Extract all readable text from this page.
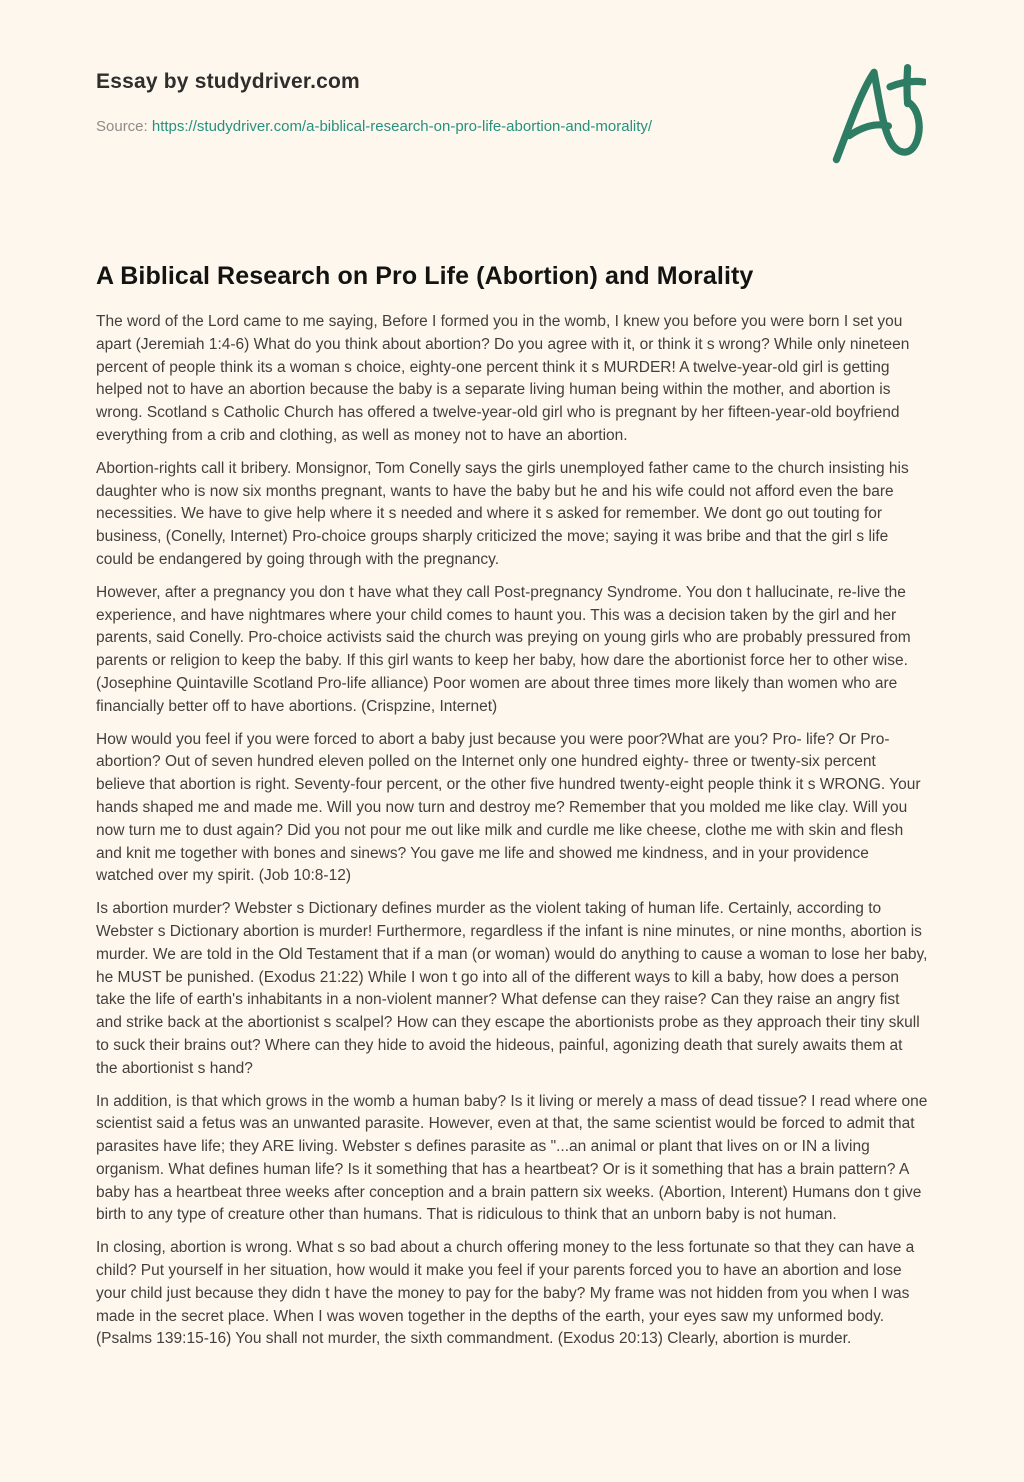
Essay by studydriver.com

Source: https://studydriver.com/a-biblical-research-on-pro-life-abortion-and-morality/

A Biblical Research on Pro Life (Abortion) and Morality

The word of the Lord came to me saying, Before I formed you in the womb, I knew you before you were born I set you apart (Jeremiah 1:4-6) What do you think about abortion? Do you agree with it, or think it s wrong? While only nineteen percent of people think its a woman s choice, eighty-one percent think it s MURDER! A twelve-year-old girl is getting helped not to have an abortion because the baby is a separate living human being within the mother, and abortion is wrong. Scotland s Catholic Church has offered a twelve-year-old girl who is pregnant by her fifteen-year-old boyfriend everything from a crib and clothing, as well as money not to have an abortion.

Abortion-rights call it bribery. Monsignor, Tom Conelly says the girls unemployed father came to the church insisting his daughter who is now six months pregnant, wants to have the baby but he and his wife could not afford even the bare necessities. We have to give help where it s needed and where it s asked for remember. We dont go out touting for business, (Conelly, Internet) Pro-choice groups sharply criticized the move; saying it was bribe and that the girl s life could be endangered by going through with the pregnancy.

However, after a pregnancy you don t have what they call Post-pregnancy Syndrome. You don t hallucinate, re-live the experience, and have nightmares where your child comes to haunt you. This was a decision taken by the girl and her parents, said Conelly. Pro-choice activists said the church was preying on young girls who are probably pressured from parents or religion to keep the baby. If this girl wants to keep her baby, how dare the abortionist force her to other wise. (Josephine Quintaville Scotland Pro-life alliance) Poor women are about three times more likely than women who are financially better off to have abortions. (Crispzine, Internet)

How would you feel if you were forced to abort a baby just because you were poor?What are you? Pro- life? Or Pro-abortion? Out of seven hundred eleven polled on the Internet only one hundred eighty- three or twenty-six percent believe that abortion is right. Seventy-four percent, or the other five hundred twenty-eight people think it s WRONG. Your hands shaped me and made me. Will you now turn and destroy me? Remember that you molded me like clay. Will you now turn me to dust again? Did you not pour me out like milk and curdle me like cheese, clothe me with skin and flesh and knit me together with bones and sinews? You gave me life and showed me kindness, and in your providence watched over my spirit. (Job 10:8-12)

Is abortion murder? Webster s Dictionary defines murder as the violent taking of human life. Certainly, according to Webster s Dictionary abortion is murder! Furthermore, regardless if the infant is nine minutes, or nine months, abortion is murder. We are told in the Old Testament that if a man (or woman) would do anything to cause a woman to lose her baby, he MUST be punished. (Exodus 21:22) While I won t go into all of the different ways to kill a baby, how does a person take the life of earth's inhabitants in a non-violent manner? What defense can they raise? Can they raise an angry fist and strike back at the abortionist s scalpel? How can they escape the abortionists probe as they approach their tiny skull to suck their brains out? Where can they hide to avoid the hideous, painful, agonizing death that surely awaits them at the abortionist s hand?

In addition, is that which grows in the womb a human baby? Is it living or merely a mass of dead tissue? I read where one scientist said a fetus was an unwanted parasite. However, even at that, the same scientist would be forced to admit that parasites have life; they ARE living. Webster s defines parasite as "...an animal or plant that lives on or IN a living organism. What defines human life? Is it something that has a heartbeat? Or is it something that has a brain pattern? A baby has a heartbeat three weeks after conception and a brain pattern six weeks. (Abortion, Interent) Humans don t give birth to any type of creature other than humans. That is ridiculous to think that an unborn baby is not human.

In closing, abortion is wrong. What s so bad about a church offering money to the less fortunate so that they can have a child? Put yourself in her situation, how would it make you feel if your parents forced you to have an abortion and lose your child just because they didn t have the money to pay for the baby? My frame was not hidden from you when I was made in the secret place. When I was woven together in the depths of the earth, your eyes saw my unformed body. (Psalms 139:15-16) You shall not murder, the sixth commandment. (Exodus 20:13) Clearly, abortion is murder.
